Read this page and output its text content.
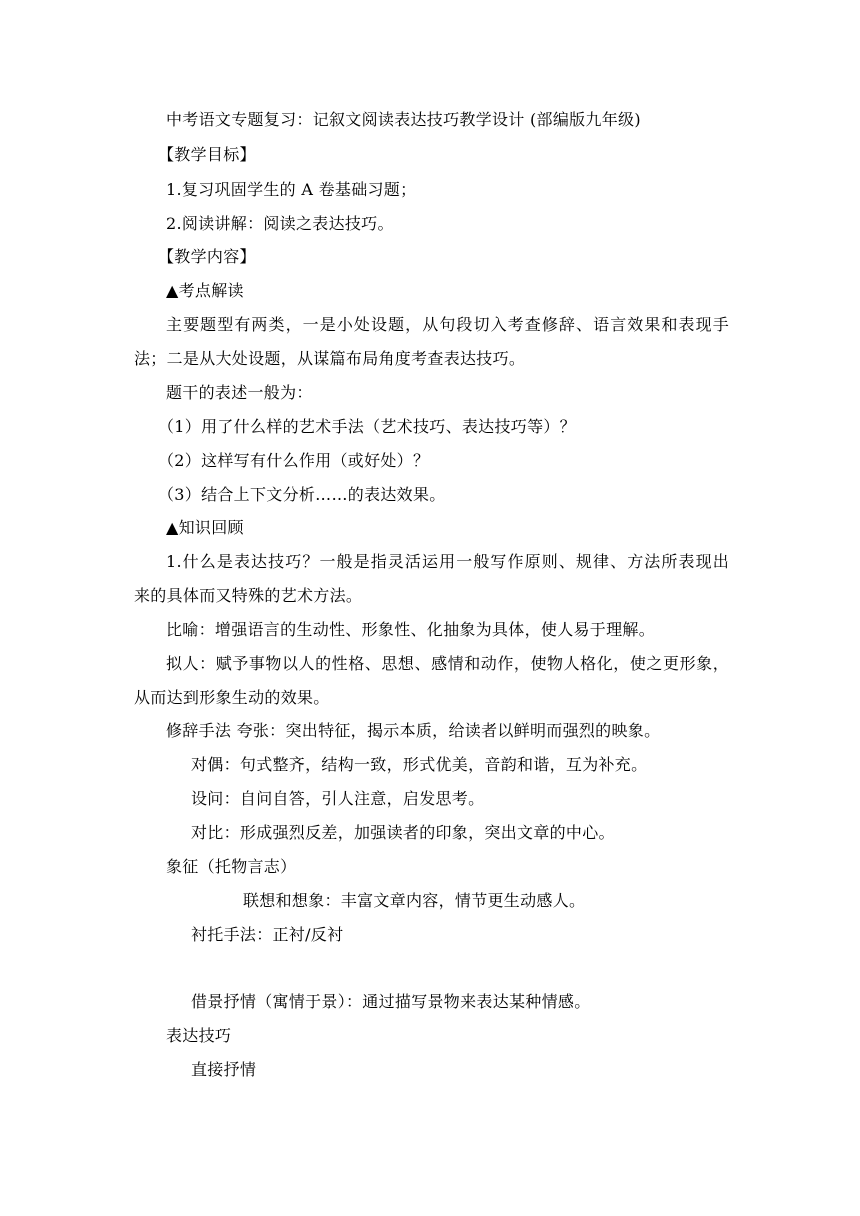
中考语文专题复习：记叙文阅读表达技巧教学设计 (部编版九年级)
【教学目标】
1.复习巩固学生的 A 卷基础习题；
2.阅读讲解：阅读之表达技巧。
【教学内容】
▲考点解读
主要题型有两类，一是小处设题，从句段切入考查修辞、语言效果和表现手
法；二是从大处设题，从谋篇布局角度考查表达技巧。
题干的表述一般为：
（1）用了什么样的艺术手法（艺术技巧、表达技巧等）？
（2）这样写有什么作用（或好处）？
（3）结合上下文分析……的表达效果。
▲知识回顾
1.什么是表达技巧？一般是指灵活运用一般写作原则、规律、方法所表现出
来的具体而又特殊的艺术方法。
比喻：增强语言的生动性、形象性、化抽象为具体，使人易于理解。
拟人：赋予事物以人的性格、思想、感情和动作，使物人格化，使之更形象，
从而达到形象生动的效果。
修辞手法 夸张：突出特征，揭示本质，给读者以鲜明而强烈的映象。
对偶：句式整齐，结构一致，形式优美，音韵和谐，互为补充。
设问：自问自答，引人注意，启发思考。
对比：形成强烈反差，加强读者的印象，突出文章的中心。
象征（托物言志）
联想和想象：丰富文章内容，情节更生动感人。
衬托手法：正衬/反衬
借景抒情（寓情于景）：通过描写景物来表达某种情感。
表达技巧
直接抒情
